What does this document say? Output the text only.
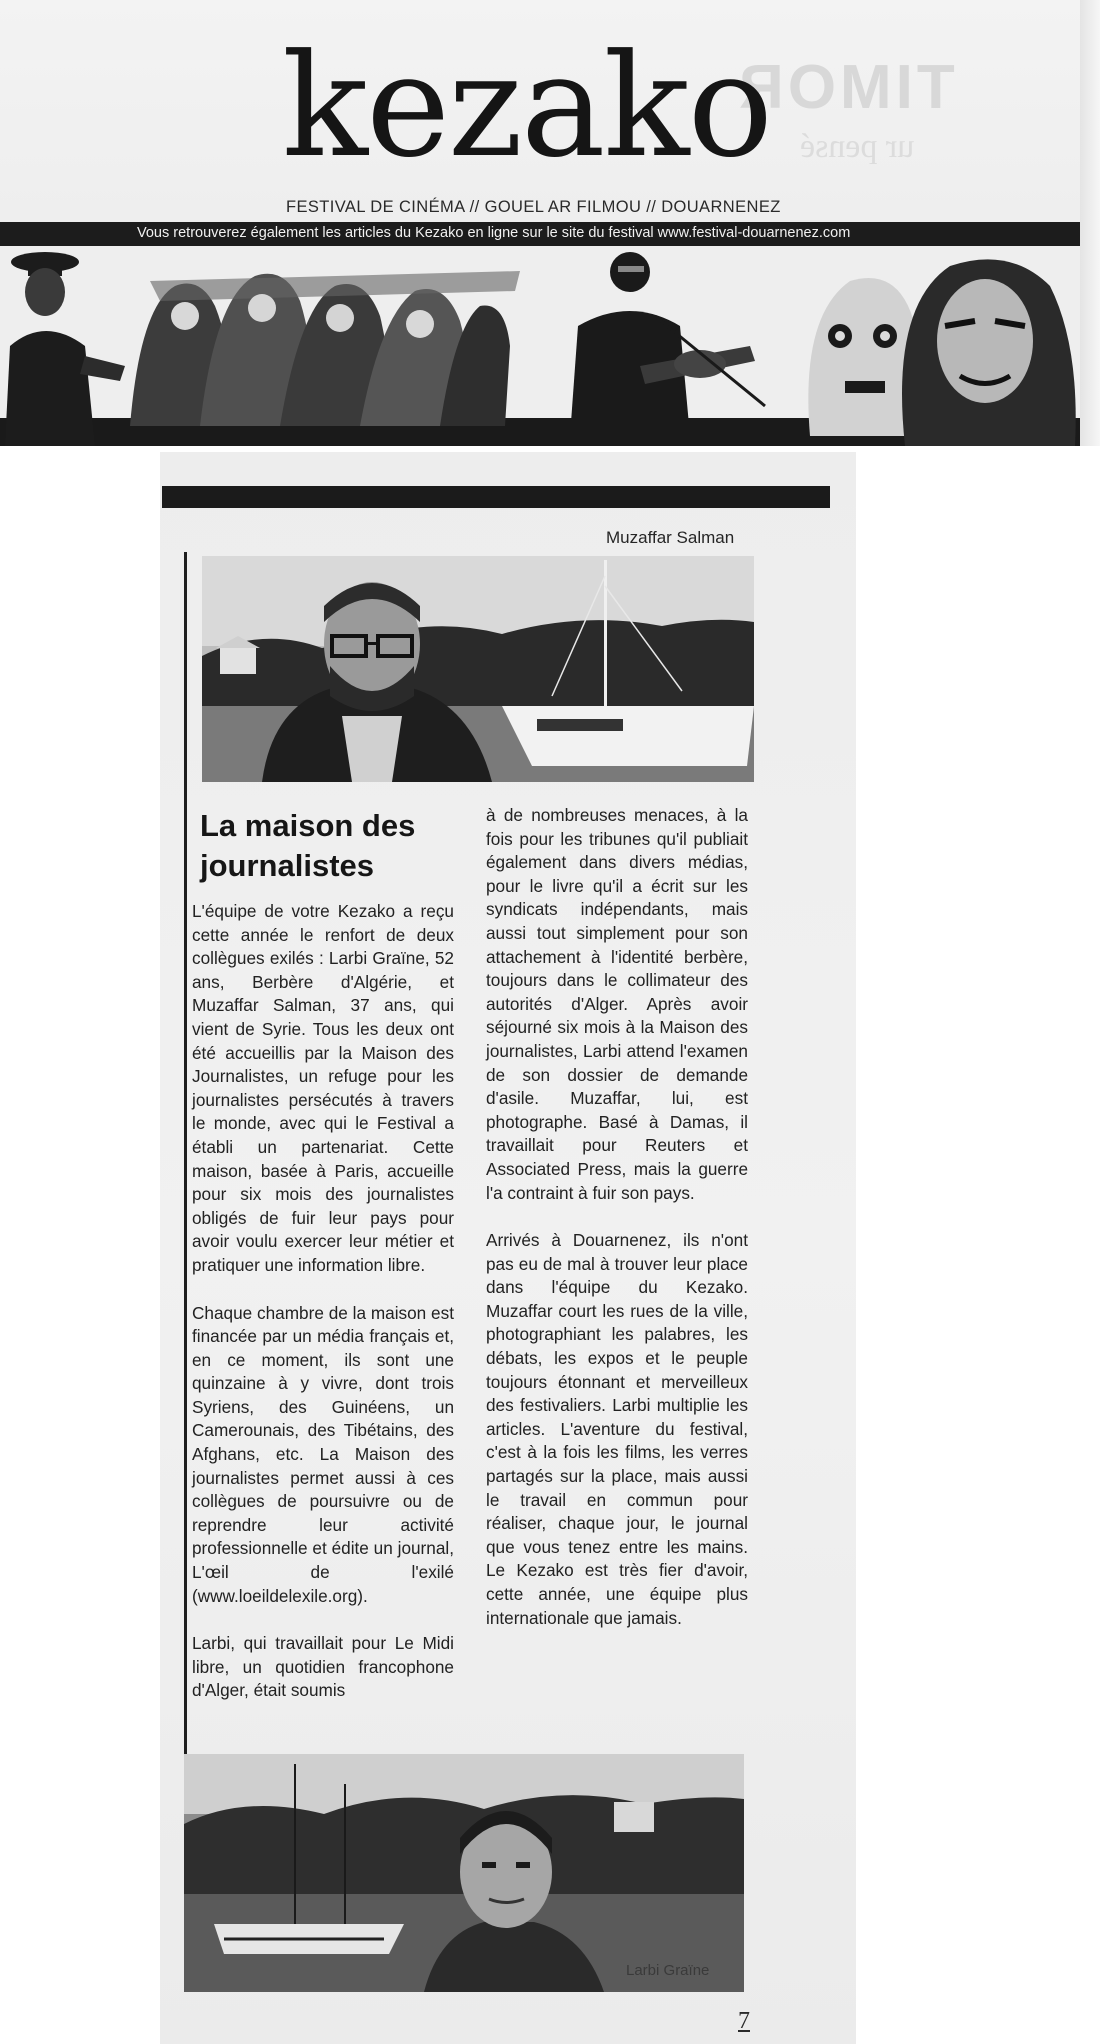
TIMOR
ur pensé
kezako
FESTIVAL DE CINÉMA // GOUEL AR FILMOU // DOUARNENEZ
Vous retrouverez également les articles du Kezako en ligne sur le site du festival www.festival-douarnenez.com
Muzaffar Salman
La maison des journalistes

L'équipe de votre Kezako a reçu cette année le renfort de deux collègues exilés : Larbi Graïne, 52 ans, Berbère d'Algérie, et Muzaffar Salman, 37 ans, qui vient de Syrie. Tous les deux ont été accueillis par la Maison des Journalistes, un refuge pour les journalistes persécutés à travers le monde, avec qui le Festival a établi un partenariat. Cette maison, basée à Paris, accueille pour six mois des journalistes obligés de fuir leur pays pour avoir voulu exercer leur métier et pratiquer une information libre.

Chaque chambre de la maison est financée par un média français et, en ce moment, ils sont une quinzaine à y vivre, dont trois Syriens, des Guinéens, un Camerounais, des Tibétains, des Afghans, etc. La Maison des journalistes permet aussi à ces collègues de poursuivre ou de reprendre leur activité professionnelle et édite un journal, L'œil de l'exilé (www.loeildelexile.org).

Larbi, qui travaillait pour Le Midi libre, un quotidien francophone d'Alger, était soumis

à de nombreuses menaces, à la fois pour les tribunes qu'il publiait également dans divers médias, pour le livre qu'il a écrit sur les syndicats indépendants, mais aussi tout simplement pour son attachement à l'identité berbère, toujours dans le collimateur des autorités d'Alger. Après avoir séjourné six mois à la Maison des journalistes, Larbi attend l'examen de son dossier de demande d'asile. Muzaffar, lui, est photographe. Basé à Damas, il travaillait pour Reuters et Associated Press, mais la guerre l'a contraint à fuir son pays.

Arrivés à Douarnenez, ils n'ont pas eu de mal à trouver leur place dans l'équipe du Kezako. Muzaffar court les rues de la ville, photographiant les palabres, les débats, les expos et le peuple toujours étonnant et merveilleux des festivaliers. Larbi multiplie les articles. L'aventure du festival, c'est à la fois les films, les verres partagés sur la place, mais aussi le travail en commun pour réaliser, chaque jour, le journal que vous tenez entre les mains. Le Kezako est très fier d'avoir, cette année, une équipe plus internationale que jamais.

Larbi Graïne
7
